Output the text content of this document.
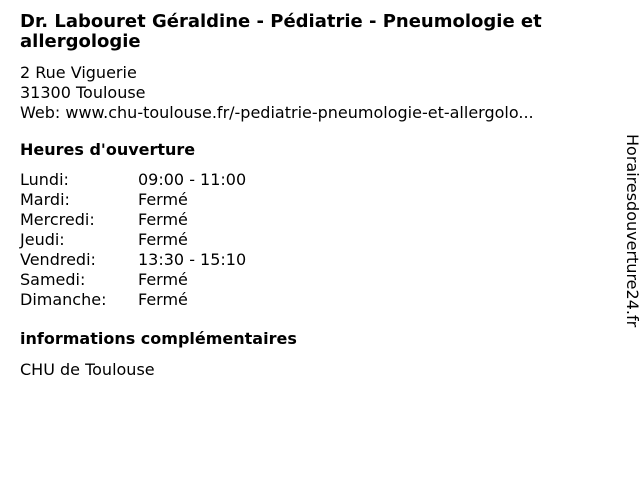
Dr. Labouret Géraldine - Pédiatrie - Pneumologie et allergologie
2 Rue Viguerie
31300 Toulouse
Web: www.chu-toulouse.fr/-pediatrie-pneumologie-et-allergolo...
Heures d'ouverture
Lundi:	09:00 - 11:00
Mardi:	Fermé
Mercredi:	Fermé
Jeudi:	Fermé
Vendredi:	13:30 - 15:10
Samedi:	Fermé
Dimanche: Fermé
informations complémentaires
CHU de Toulouse
Horairesdouverture24.fr
